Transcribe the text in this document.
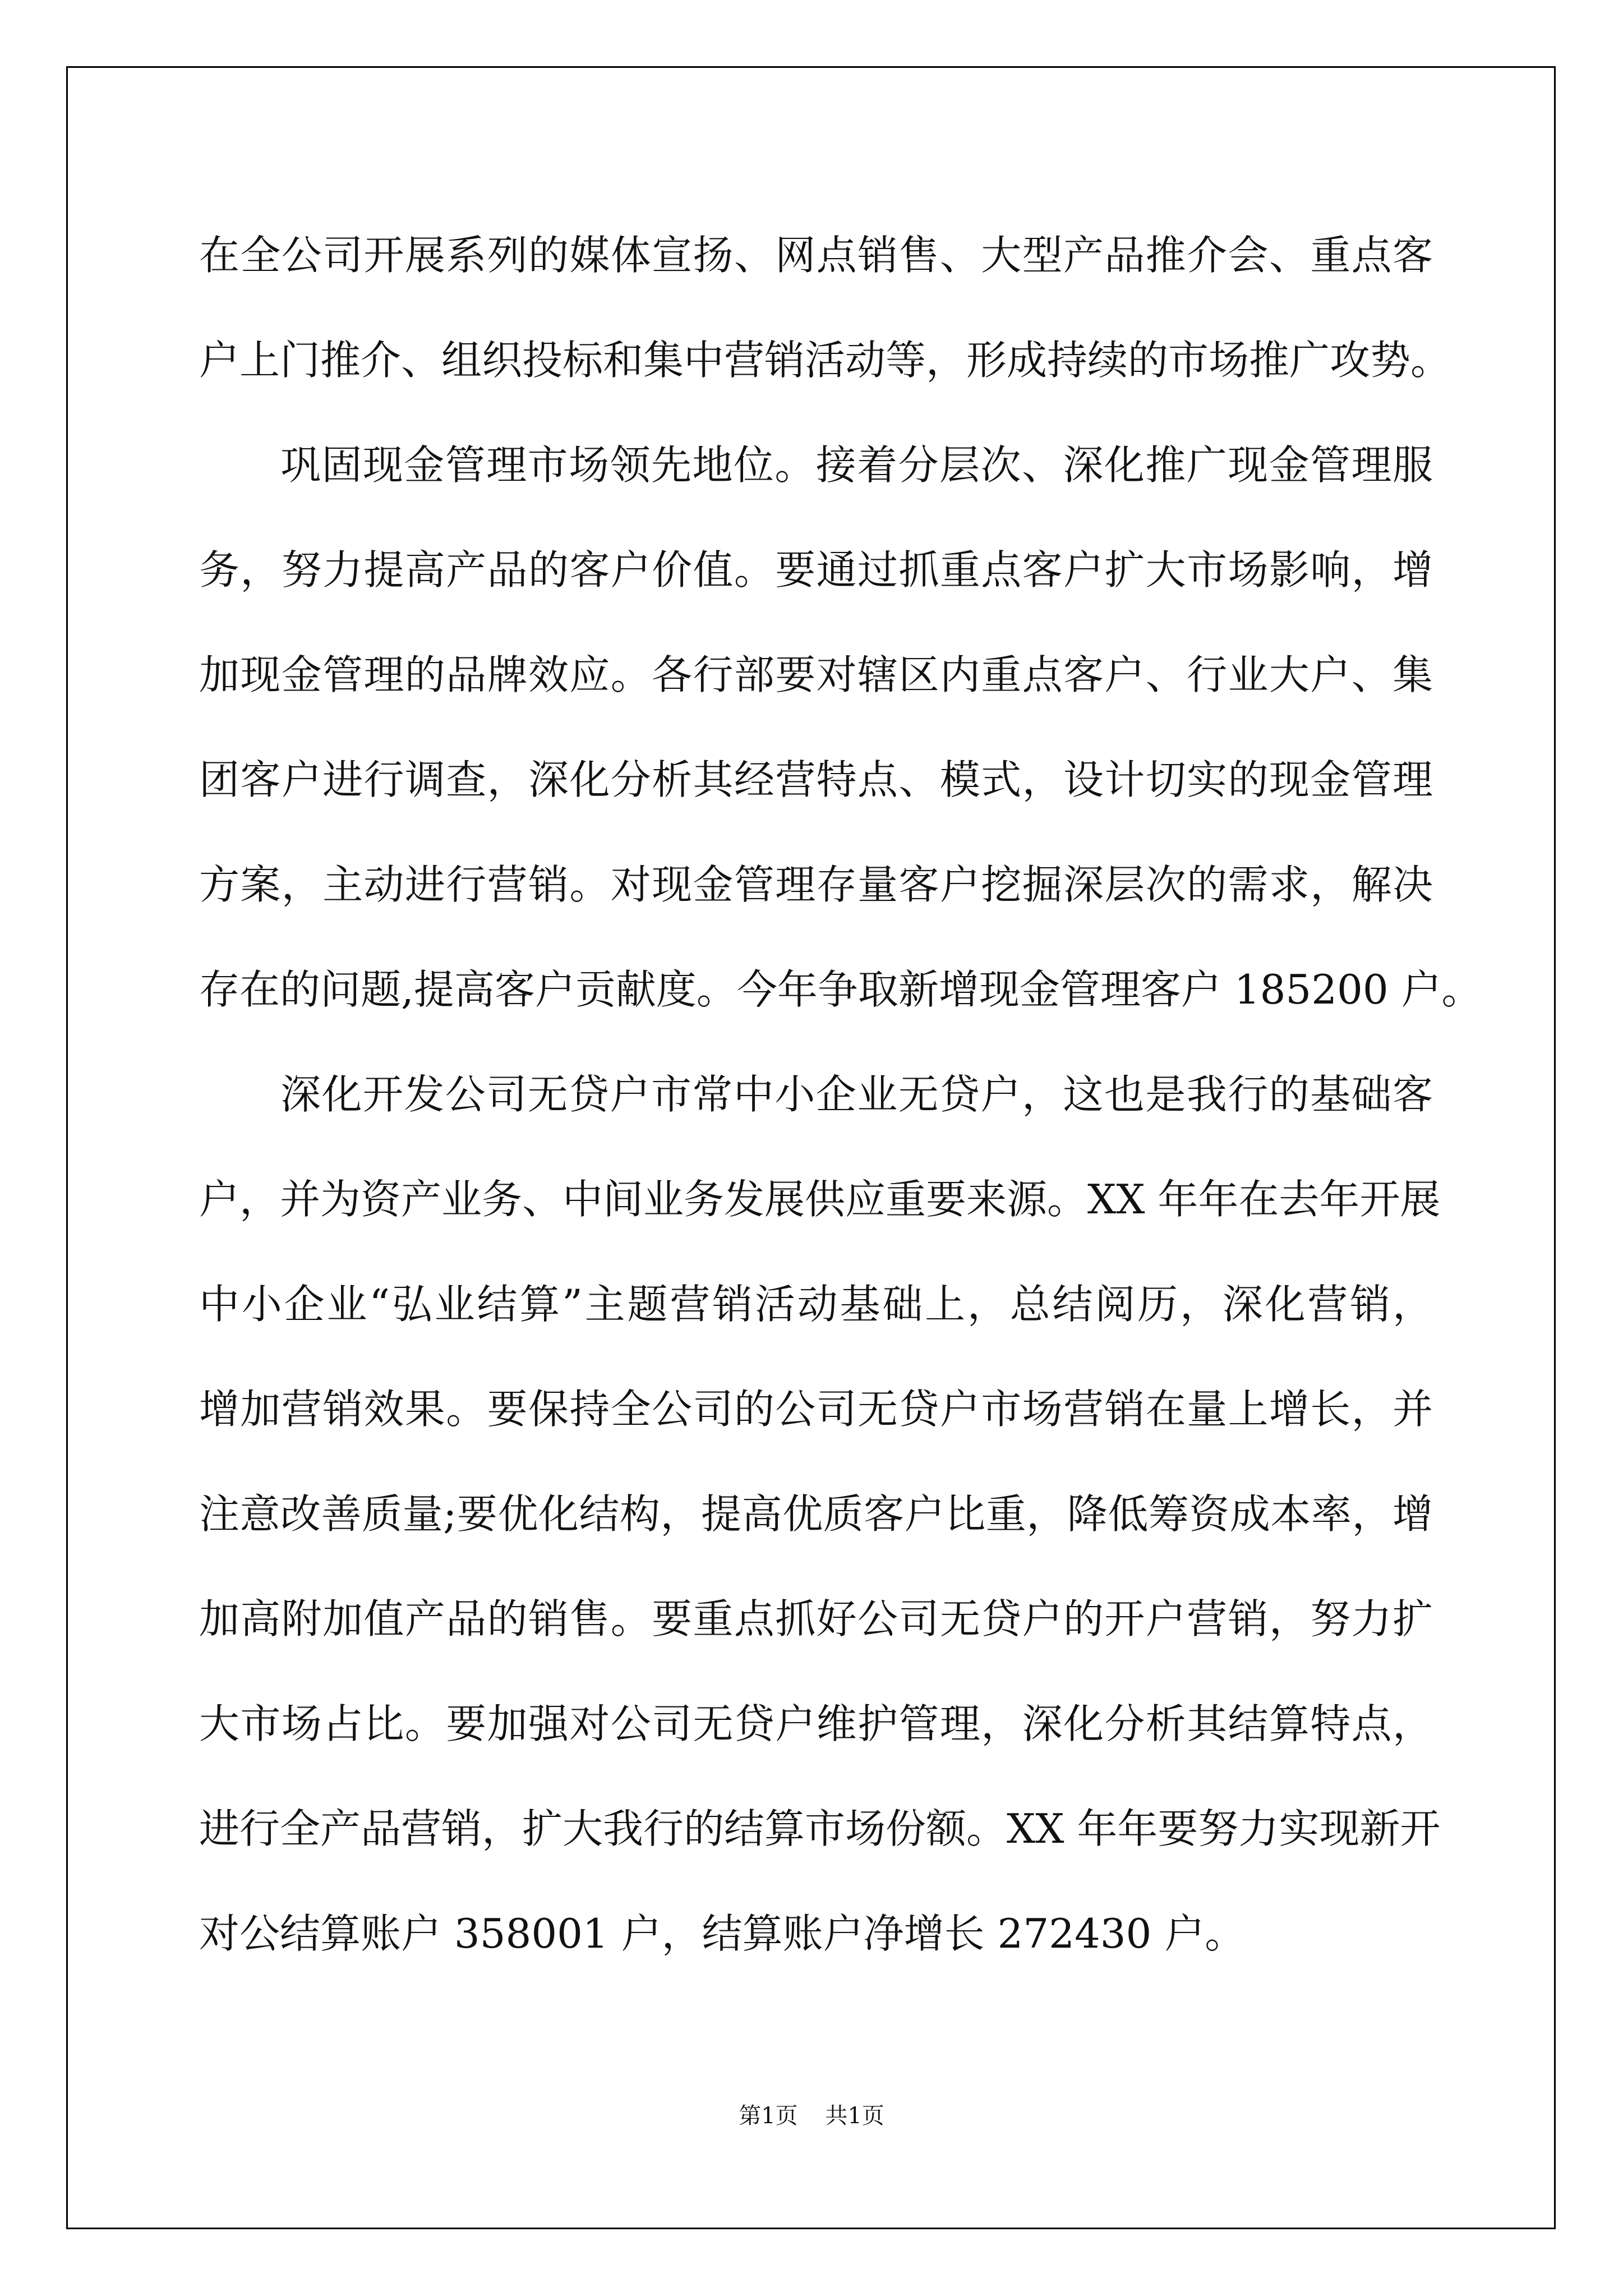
在全公司开展系列的媒体宣扬、网点销售、大型产品推介会、重点客
户上门推介、组织投标和集中营销活动等，形成持续的市场推广攻势。
巩固现金管理市场领先地位。接着分层次、深化推广现金管理服
务，努力提高产品的客户价值。要通过抓重点客户扩大市场影响，增
加现金管理的品牌效应。各行部要对辖区内重点客户、行业大户、集
团客户进行调查，深化分析其经营特点、模式，设计切实的现金管理
方案，主动进行营销。对现金管理存量客户挖掘深层次的需求，解决
存在的问题,提高客户贡献度。今年争取新增现金管理客户 185200 户。
深化开发公司无贷户市常中小企业无贷户，这也是我行的基础客
户，并为资产业务、中间业务发展供应重要来源。XX 年年在去年开展
中小企业“弘业结算”主题营销活动基础上，总结阅历，深化营销，
增加营销效果。要保持全公司的公司无贷户市场营销在量上增长，并
注意改善质量;要优化结构，提高优质客户比重，降低筹资成本率，增
加高附加值产品的销售。要重点抓好公司无贷户的开户营销，努力扩
大市场占比。要加强对公司无贷户维护管理，深化分析其结算特点，
进行全产品营销，扩大我行的结算市场份额。XX 年年要努力实现新开
对公结算账户 358001 户，结算账户净增长 272430 户。
第1页 共1页
